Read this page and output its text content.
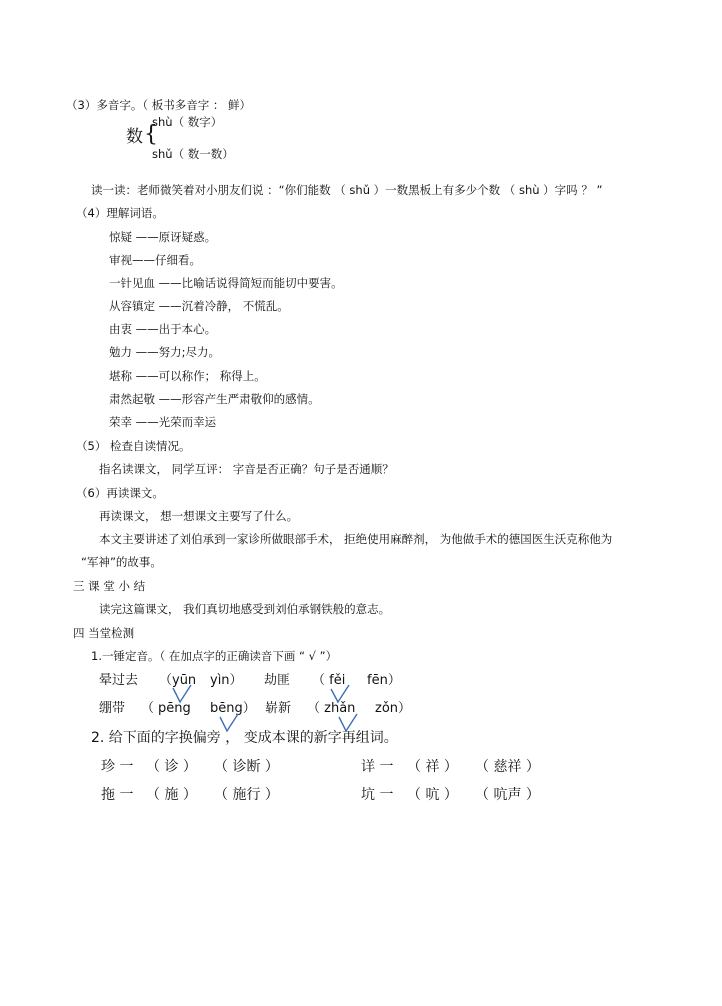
（3）多音字。（ 板书多音字 ： 鲜）
shù（ 数字）
数 {
shǔ（ 数一数）
读一读：老师微笑着对小朋友们说 ：“你们能数 （ shǔ ）一数黑板上有多少个数 （ shù ）字吗 ？ ”
（4）理解词语。
惊疑 ——原讶疑惑。
审视——仔细看。
一针见血 ——比喻话说得简短而能切中要害。
从容镇定 ——沉着冷静， 不慌乱。
由衷 ——出于本心。
勉力 ——努力;尽力。
堪称 ——可以称作； 称得上。
肃然起敬 ——形容产生严肃敬仰的感情。
荣幸 ——光荣而幸运
（5） 检查自读情况。
指名读课文， 同学互评： 字音是否正确？句子是否通顺？
（6）再读课文。
再读课文， 想一想课文主要写了什么。
本文主要讲述了刘伯承到一家诊所做眼部手术， 拒绝使用麻醉剂， 为他做手术的德国医生沃克称他为
“军神”的故事。
三 课 堂 小 结
读完这篇课文， 我们真切地感受到刘伯承钢铁般的意志。
四 当堂检测
1.一锤定音。（ 在加点字的正确读音下画 “ √ ”）
晕过去 （yūn yìn） 劫匪 （ fěi fēn）
绷带 （ pēng bēng） 崭新 （ zhǎn zǒn）
2. 给下面的字换偏旁 ， 变成本课的新字再组词。
珍 一 （ 诊 ） （ 诊断 ）	详 一 （ 祥 ） （ 慈祥 ）
拖 一 （ 施 ） （ 施行 ）	坑 一 （ 吭 ） （ 吭声 ）
